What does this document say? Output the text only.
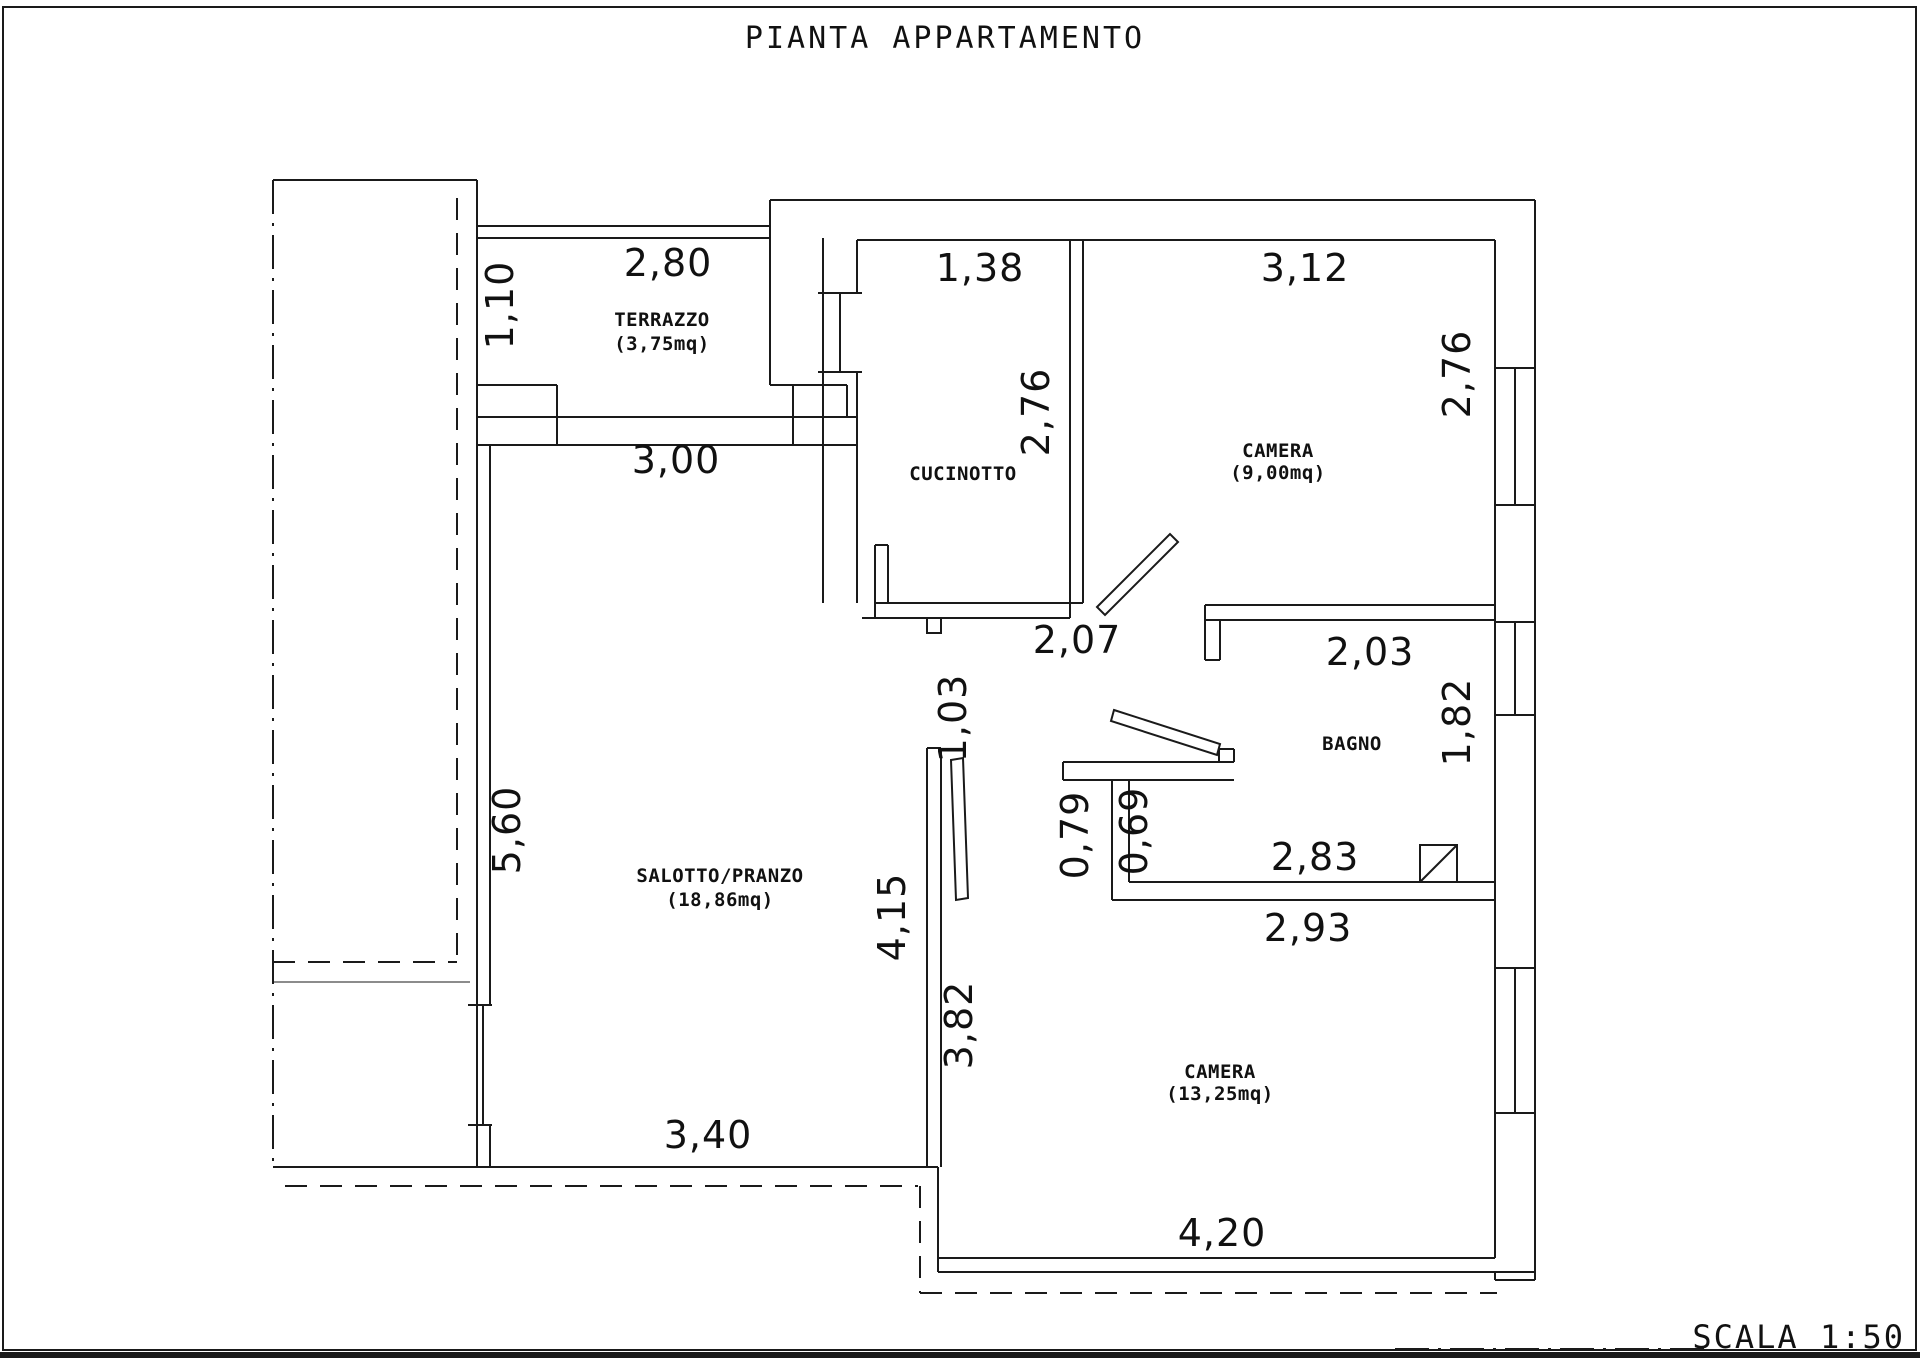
PIANTA APPARTAMENTO
SCALA 1:50
TERRAZZO
(3,75mq)
CUCINOTTO
CAMERA
(9,00mq)
BAGNO
SALOTTO/PRANZO
(18,86mq)
CAMERA
(13,25mq)
2,80
1,10
3,00
1,38	3,12
2,76	2,76
2,07	2,03
1,03	1,82
0,79 0,69	2,83
2,93
5,60
4,15
3,82
3,40
4,20
